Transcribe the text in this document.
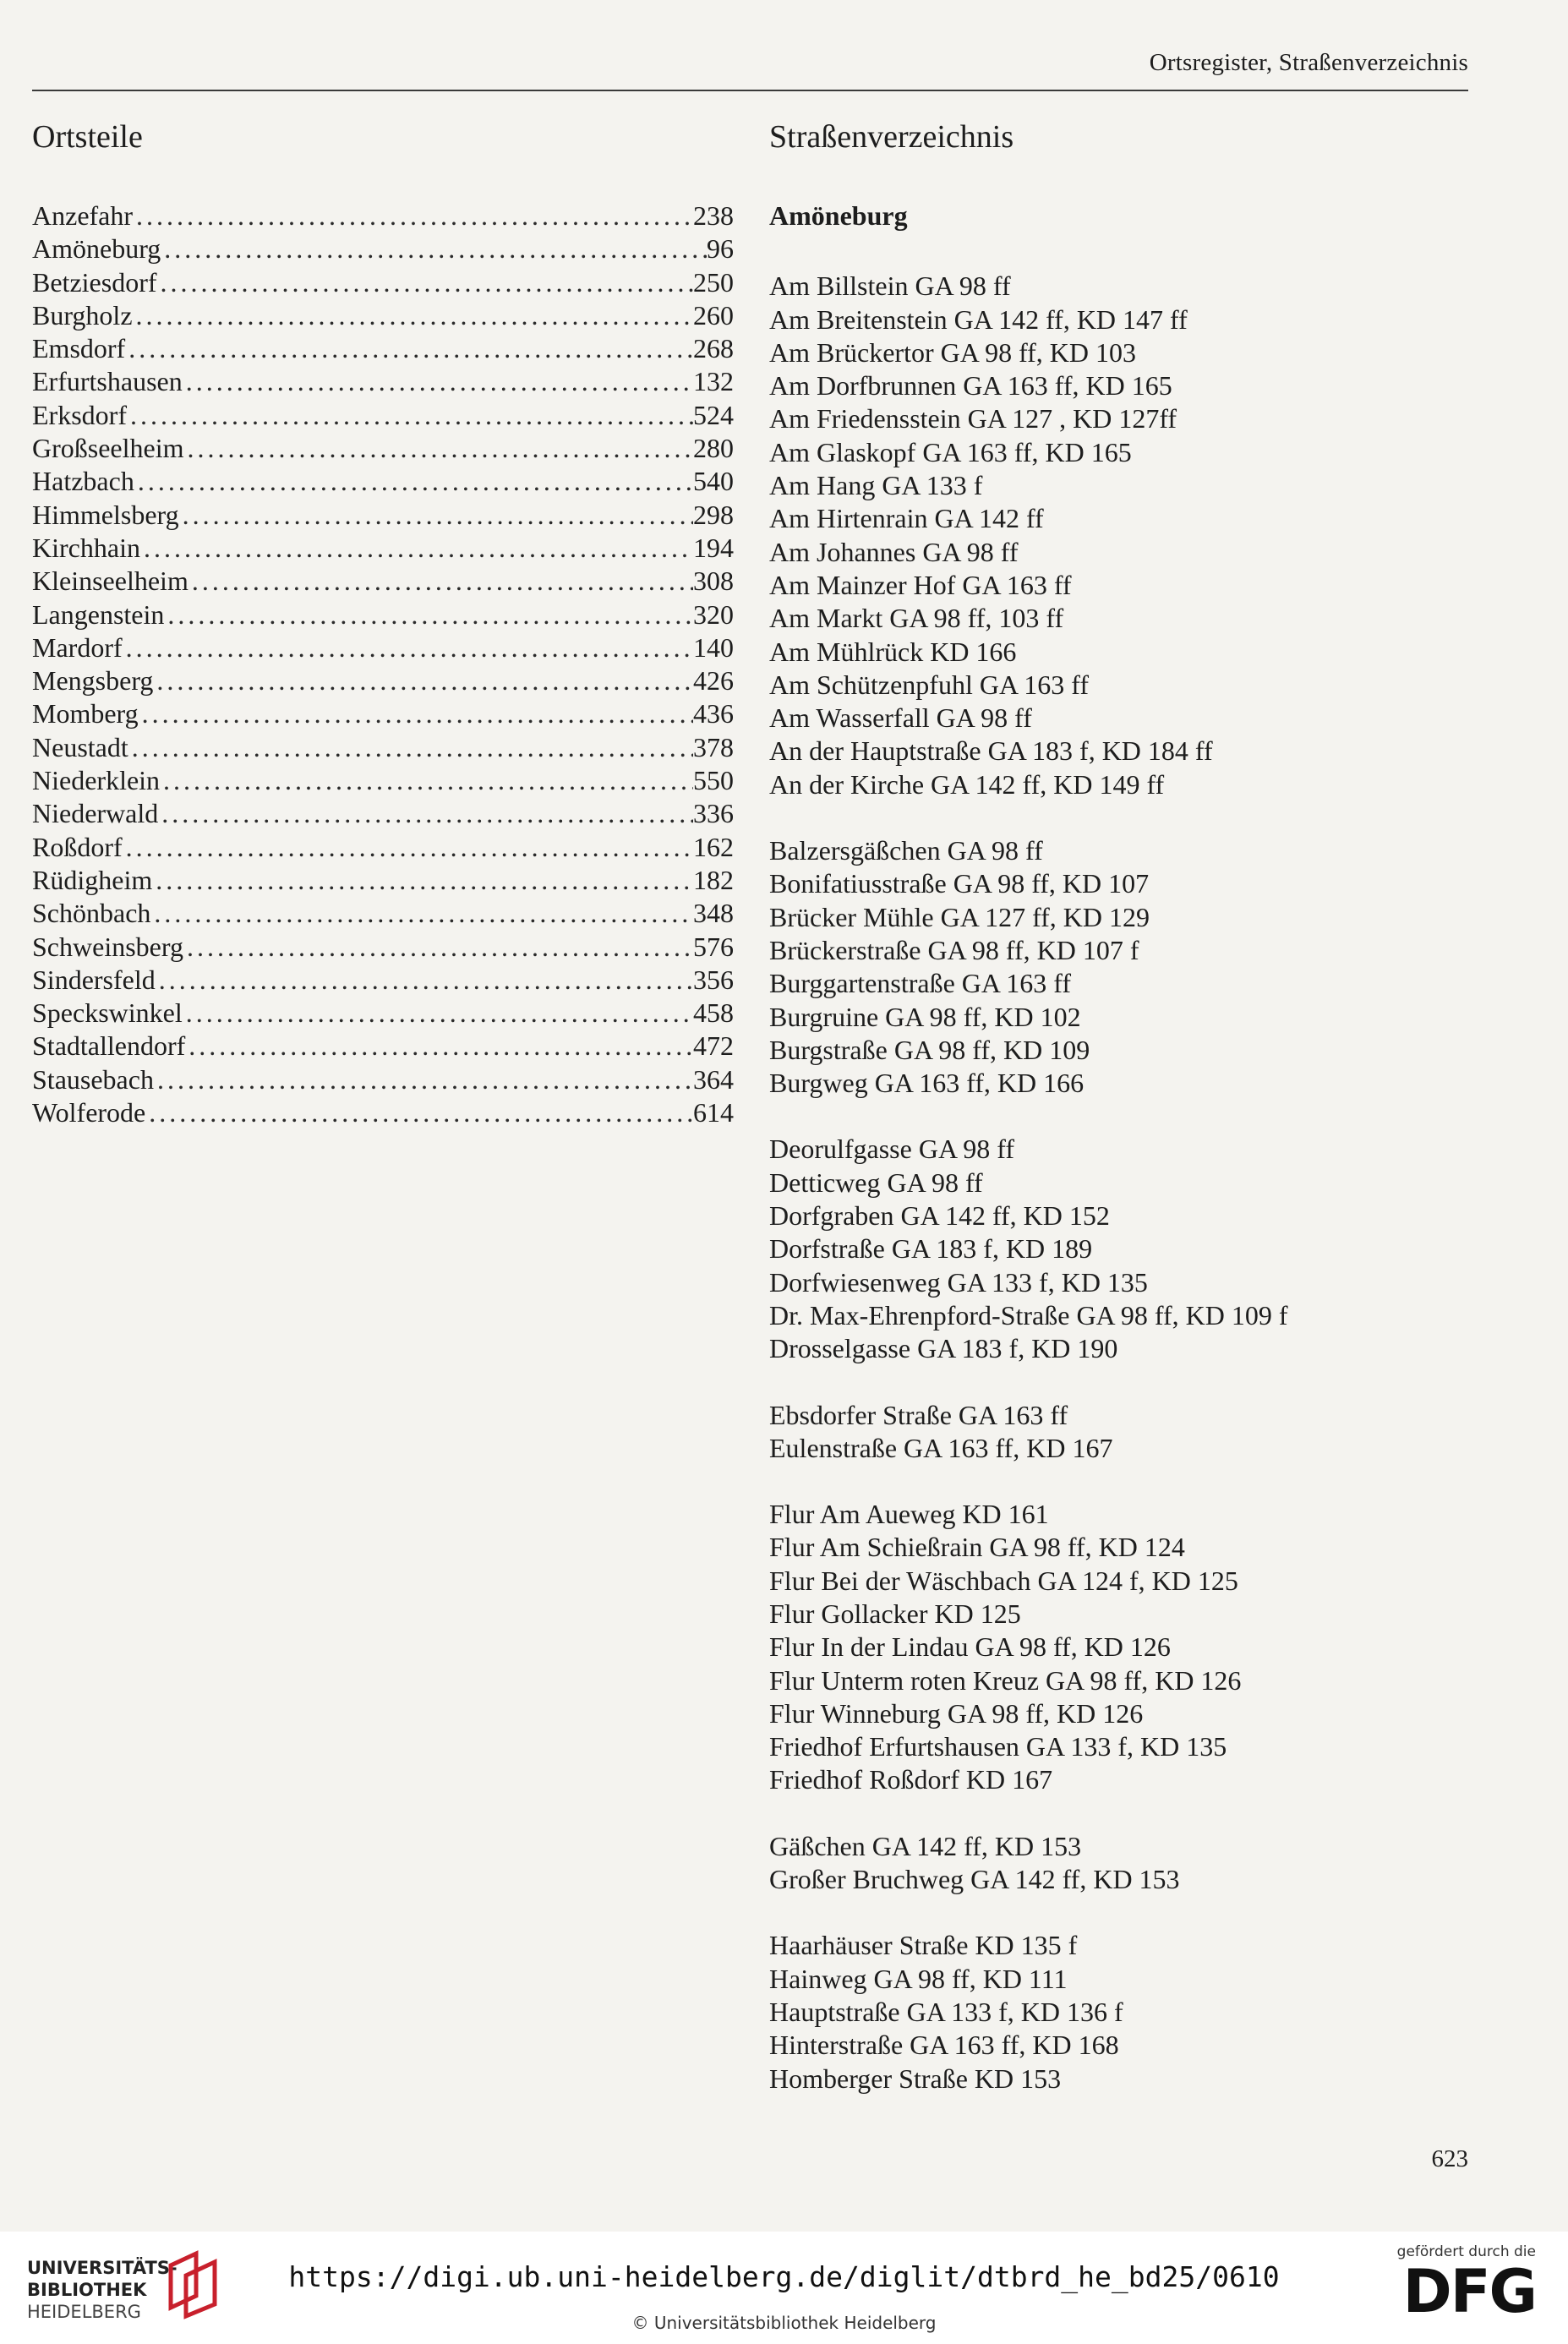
Ortsregister, Straßenverzeichnis
Ortsteile
Anzefahr . . .	238
Amöneburg . . .	96
Betziesdorf . . .	250
Burgholz . . .	260
Emsdorf . . .	268
Erfurtshausen . . .	132
Erksdorf . . .	524
Großseelheim . . .	280
Hatzbach . . .	540
Himmelsberg . . .	298
Kirchhain . . .	194
Kleinseelheim . . .	308
Langenstein . . .	320
Mardorf . . .	140
Mengsberg . . .	426
Momberg . . .	436
Neustadt . . .	378
Niederklein . . .	550
Niederwald . . .	336
Roßdorf . . .	162
Rüdigheim . . .	182
Schönbach . . .	348
Schweinsberg . . .	576
Sindersfeld . . .	356
Speckswinkel . . .	458
Stadtallendorf . . .	472
Stausebach . . .	364
Wolferode . . .	614
Straßenverzeichnis
Amöneburg
Am Billstein GA 98 ff
Am Breitenstein GA 142 ff, KD 147 ff
Am Brückertor GA 98 ff, KD 103
Am Dorfbrunnen GA 163 ff, KD 165
Am Friedensstein GA 127 , KD 127ff
Am Glaskopf GA 163 ff, KD 165
Am Hang GA 133 f
Am Hirtenrain GA 142 ff
Am Johannes GA 98 ff
Am Mainzer Hof GA 163 ff
Am Markt GA 98 ff, 103 ff
Am Mühlrück KD 166
Am Schützenpfuhl GA 163 ff
Am Wasserfall GA 98 ff
An der Hauptstraße GA 183 f, KD 184 ff
An der Kirche GA 142 ff, KD 149 ff
Balzersgäßchen GA 98 ff
Bonifatiusstraße GA 98 ff, KD 107
Brücker Mühle GA 127 ff, KD 129
Brückerstraße GA 98 ff, KD 107 f
Burggartenstraße GA 163 ff
Burgruine GA 98 ff, KD 102
Burgstraße GA 98 ff, KD 109
Burgweg GA 163 ff, KD 166
Deorulfgasse GA 98 ff
Detticweg GA 98 ff
Dorfgraben GA 142 ff, KD 152
Dorfstraße GA 183 f, KD 189
Dorfwiesenweg GA 133 f, KD 135
Dr. Max-Ehrenpford-Straße GA 98 ff, KD 109 f
Drosselgasse GA 183 f, KD 190
Ebsdorfer Straße GA 163 ff
Eulenstraße GA 163 ff, KD 167
Flur Am Aueweg KD 161
Flur Am Schießrain GA 98 ff, KD 124
Flur Bei der Wäschbach GA 124 f, KD 125
Flur Gollacker KD 125
Flur In der Lindau GA 98 ff, KD 126
Flur Unterm roten Kreuz GA 98 ff, KD 126
Flur Winneburg GA 98 ff, KD 126
Friedhof Erfurtshausen GA 133 f, KD 135
Friedhof Roßdorf KD 167
Gäßchen GA 142 ff, KD 153
Großer Bruchweg GA 142 ff, KD 153
Haarhäuser Straße KD 135 f
Hainweg GA 98 ff, KD 111
Hauptstraße GA 133 f, KD 136 f
Hinterstraße GA 163 ff, KD 168
Homberger Straße KD 153
623
UNIVERSITÄTS-
BIBLIOTHEK
HEIDELBERG
https://digi.ub.uni-heidelberg.de/diglit/dtbrd_he_bd25/0610
© Universitätsbibliothek Heidelberg
gefördert durch die
DFG
